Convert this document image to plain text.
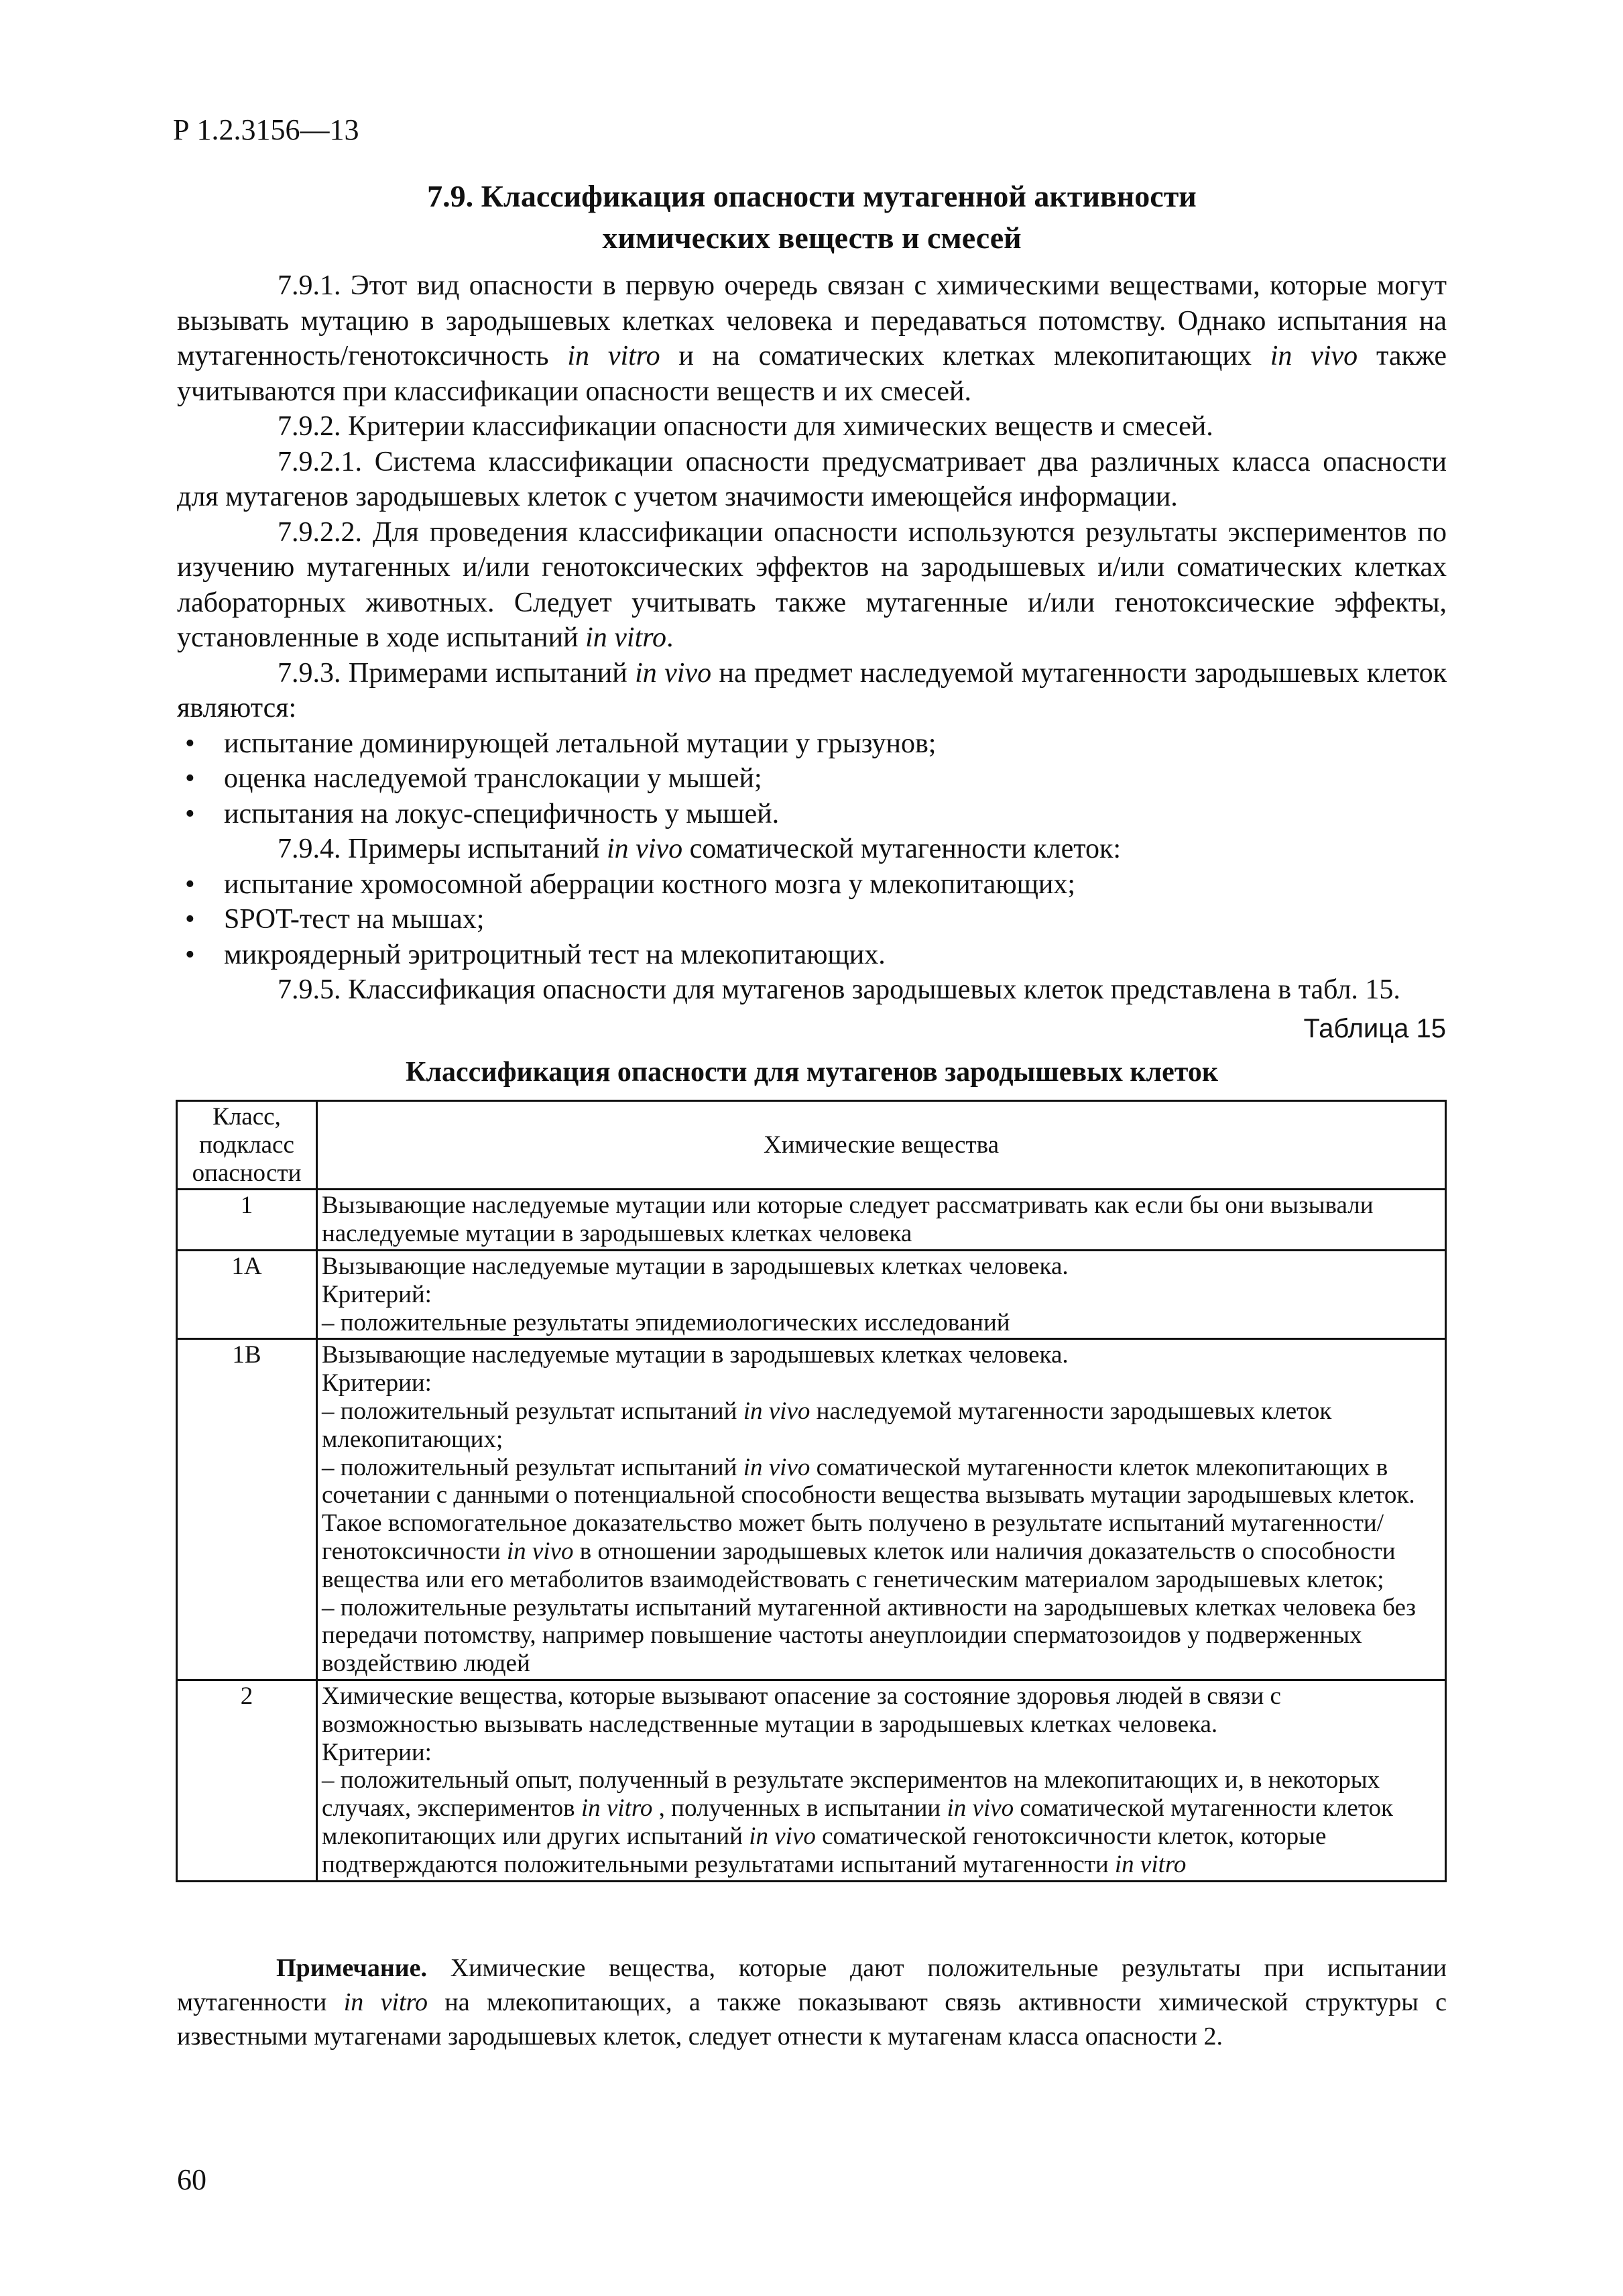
Р 1.2.3156—13
7.9. Классификация опасности мутагенной активности
химических веществ и смесей

7.9.1. Этот вид опасности в первую очередь связан с химическими веществами, которые могут вызывать мутацию в зародышевых клетках человека и передаваться потомству. Однако испытания на мутагенность/генотоксичность in vitro и на соматических клетках млекопитающих in vivo также учитываются при классификации опасности веществ и их смесей.

7.9.2. Критерии классификации опасности для химических веществ и смесей.

7.9.2.1. Система классификации опасности предусматривает два различных класса опасности для мутагенов зародышевых клеток с учетом значимости имеющейся информации.

7.9.2.2. Для проведения классификации опасности используются результаты экспериментов по изучению мутагенных и/или генотоксических эффектов на зародышевых и/или соматических клетках лабораторных животных. Следует учитывать также мутагенные и/или генотоксические эффекты, установленные в ходе испытаний in vitro.

7.9.3. Примерами испытаний in vivo на предмет наследуемой мутагенности зародышевых клеток являются:

• испытание доминирующей летальной мутации у грызунов;
• оценка наследуемой транслокации у мышей;
• испытания на локус-специфичность у мышей.

7.9.4. Примеры испытаний in vivo соматической мутагенности клеток:

• испытание хромосомной аберрации костного мозга у млекопитающих;
• SPOT-тест на мышах;
• микроядерный эритроцитный тест на млекопитающих.

7.9.5. Классификация опасности для мутагенов зародышевых клеток представлена в табл. 15.

Таблица 15
Классификация опасности для мутагенов зародышевых клеток
Класс, подкласс опасности	Химические вещества
1	Вызывающие наследуемые мутации или которые следует рассматривать как если бы они вызывали наследуемые мутации в зародышевых клетках человека
1A	Вызывающие наследуемые мутации в зародышевых клетках человека.
Критерий:
– положительные результаты эпидемиологических исследований

1B	Вызывающие наследуемые мутации в зародышевых клетках человека.
Критерии:
– положительный результат испытаний in vivo наследуемой мутагенности зародышевых клеток млекопитающих;
– положительный результат испытаний in vivo соматической мутагенности клеток млекопитающих в сочетании с данными о потенциальной способности вещества вызывать мутации зародышевых клеток. Такое вспомогательное доказательство может быть получено в результате испытаний мутагенности/ генотоксичности in vivo в отношении зародышевых клеток или наличия доказательств о способности вещества или его метаболитов взаимодействовать с генетическим материалом зародышевых клеток;
– положительные результаты испытаний мутагенной активности на зародышевых клетках человека без передачи потомству, например повышение частоты анеуплоидии сперматозоидов у подверженных воздействию людей

2	Химические вещества, которые вызывают опасение за состояние здоровья людей в связи с возможностью вызывать наследственные мутации в зародышевых клетках человека.
Критерии:
– положительный опыт, полученный в результате экспериментов на млекопитающих и, в некоторых случаях, экспериментов in vitro , полученных в испытании in vivo соматической мутагенности клеток млекопитающих или других испытаний in vivo соматической генотоксичности клеток, которые подтверждаются положительными результатами испытаний мутагенности in vitro
Примечание. Химические вещества, которые дают положительные результаты при испытании мутагенности in vitro на млекопитающих, а также показывают связь активности химической структуры с известными мутагенами зародышевых клеток, следует отнести к мутагенам класса опасности 2.
60
